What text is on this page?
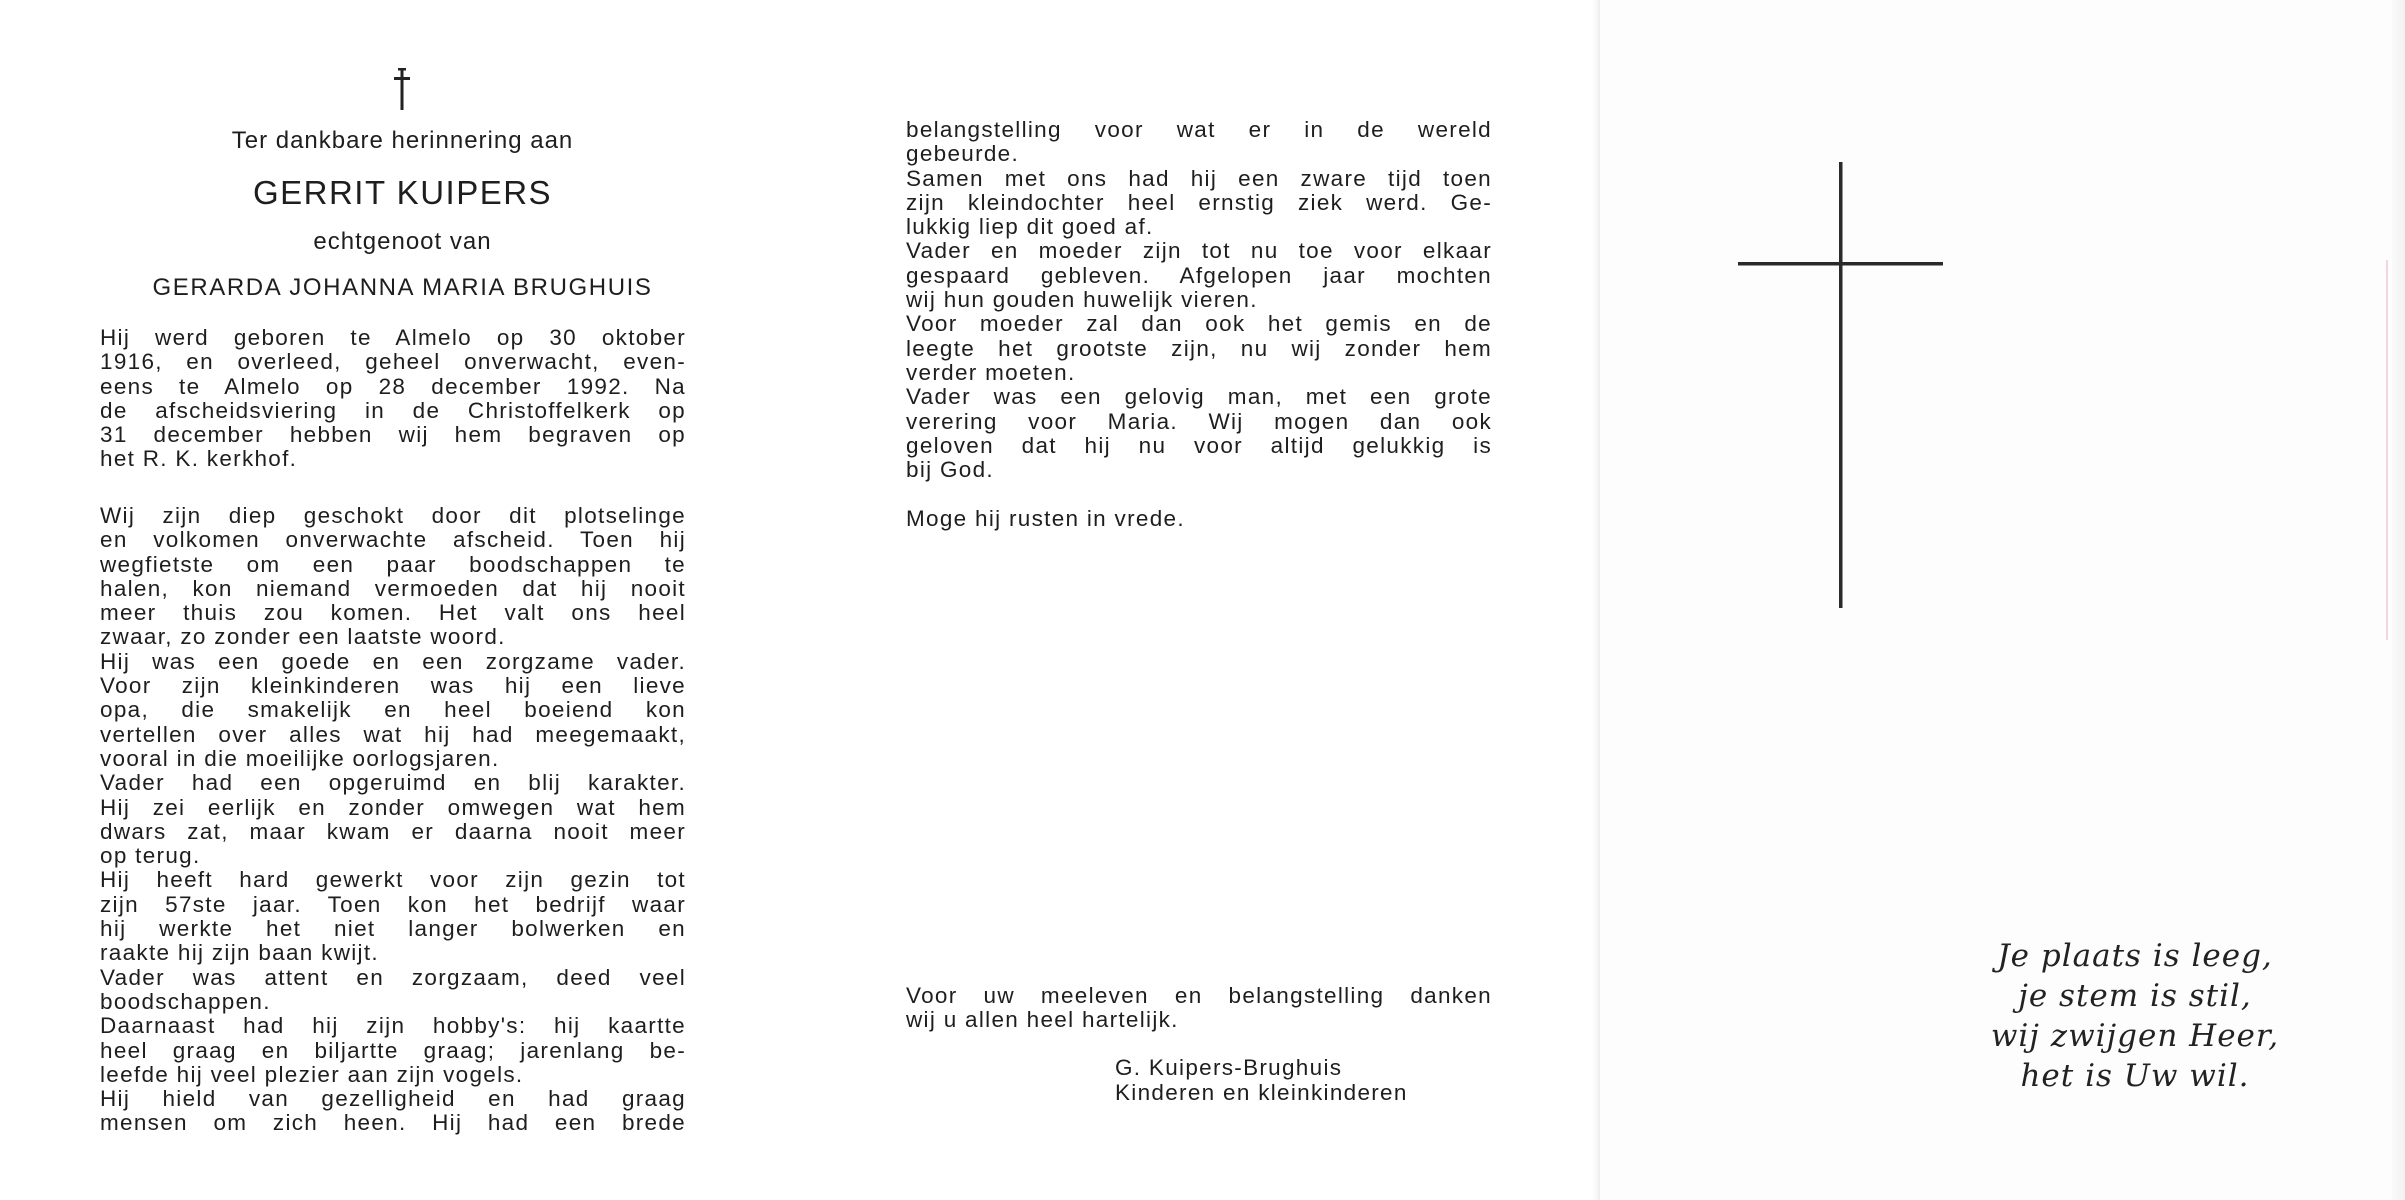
Ter dankbare herinnering aan
GERRIT KUIPERS
echtgenoot van
GERARDA JOHANNA MARIA BRUGHUIS
Hij werd geboren te Almelo op 30 oktober
1916, en overleed, geheel onverwacht, even-
eens te Almelo op 28 december 1992. Na
de afscheidsviering in de Christoffelkerk op
31 december hebben wij hem begraven op
het R. K. kerkhof.
Wij zijn diep geschokt door dit plotselinge
en volkomen onverwachte afscheid. Toen hij
wegfietste om een paar boodschappen te
halen, kon niemand vermoeden dat hij nooit
meer thuis zou komen. Het valt ons heel
zwaar, zo zonder een laatste woord.
Hij was een goede en een zorgzame vader.
Voor zijn kleinkinderen was hij een lieve
opa, die smakelijk en heel boeiend kon
vertellen over alles wat hij had meegemaakt,
vooral in die moeilijke oorlogsjaren.
Vader had een opgeruimd en blij karakter.
Hij zei eerlijk en zonder omwegen wat hem
dwars zat, maar kwam er daarna nooit meer
op terug.
Hij heeft hard gewerkt voor zijn gezin tot
zijn 57ste jaar. Toen kon het bedrijf waar
hij werkte het niet langer bolwerken en
raakte hij zijn baan kwijt.
Vader was attent en zorgzaam, deed veel
boodschappen.
Daarnaast had hij zijn hobby's: hij kaartte
heel graag en biljartte graag; jarenlang be-
leefde hij veel plezier aan zijn vogels.
Hij hield van gezelligheid en had graag
mensen om zich heen. Hij had een brede
belangstelling voor wat er in de wereld
gebeurde.
Samen met ons had hij een zware tijd toen
zijn kleindochter heel ernstig ziek werd. Ge-
lukkig liep dit goed af.
Vader en moeder zijn tot nu toe voor elkaar
gespaard gebleven. Afgelopen jaar mochten
wij hun gouden huwelijk vieren.
Voor moeder zal dan ook het gemis en de
leegte het grootste zijn, nu wij zonder hem
verder moeten.
Vader was een gelovig man, met een grote
verering voor Maria. Wij mogen dan ook
geloven dat hij nu voor altijd gelukkig is
bij God.
Moge hij rusten in vrede.
Voor uw meeleven en belangstelling danken
wij u allen heel hartelijk.
G. Kuipers-Brughuis
Kinderen en kleinkinderen
Je plaats is leeg,
je stem is stil,
wij zwijgen Heer,
het is Uw wil.
